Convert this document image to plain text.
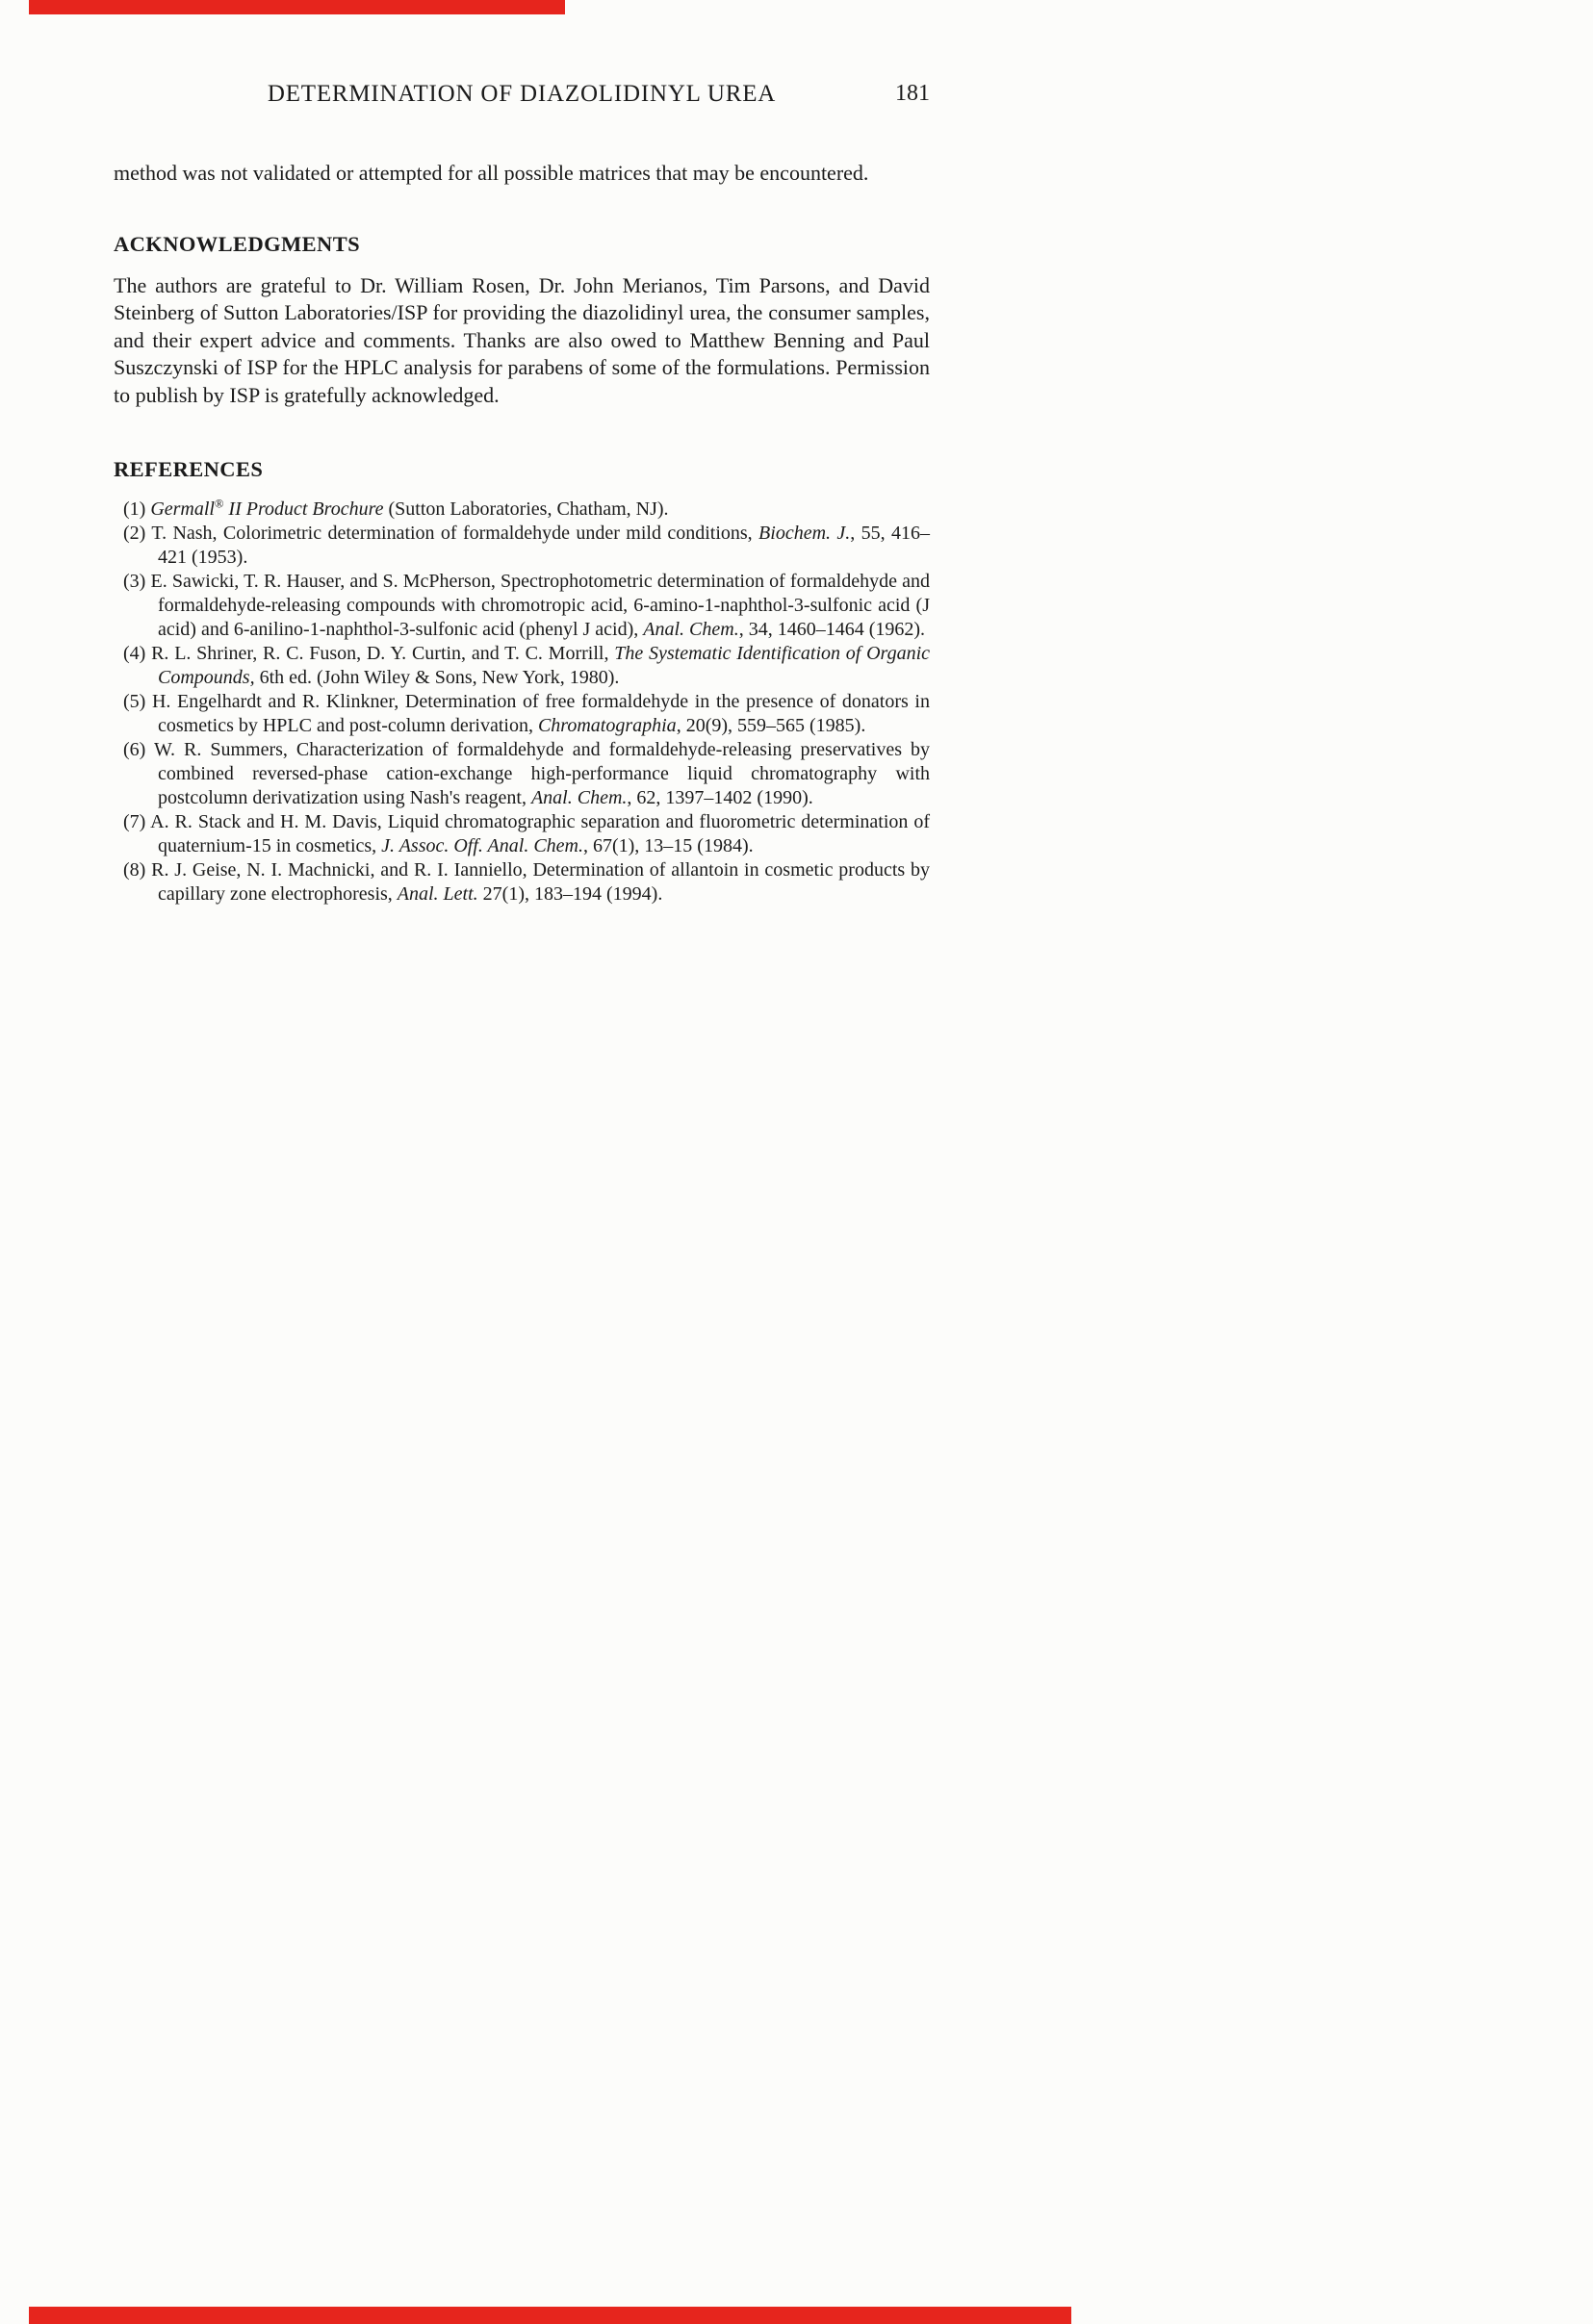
DETERMINATION OF DIAZOLIDINYL UREA	181

method was not validated or attempted for all possible matrices that may be encountered.

ACKNOWLEDGMENTS

The authors are grateful to Dr. William Rosen, Dr. John Merianos, Tim Parsons, and David Steinberg of Sutton Laboratories/ISP for providing the diazolidinyl urea, the consumer samples, and their expert advice and comments. Thanks are also owed to Matthew Benning and Paul Suszczynski of ISP for the HPLC analysis for parabens of some of the formulations. Permission to publish by ISP is gratefully acknowledged.

REFERENCES
(1) Germall® II Product Brochure (Sutton Laboratories, Chatham, NJ).
(2) T. Nash, Colorimetric determination of formaldehyde under mild conditions, Biochem. J., 55, 416–421 (1953).
(3) E. Sawicki, T. R. Hauser, and S. McPherson, Spectrophotometric determination of formaldehyde and formaldehyde-releasing compounds with chromotropic acid, 6-amino-1-naphthol-3-sulfonic acid (J acid) and 6-anilino-1-naphthol-3-sulfonic acid (phenyl J acid), Anal. Chem., 34, 1460–1464 (1962).
(4) R. L. Shriner, R. C. Fuson, D. Y. Curtin, and T. C. Morrill, The Systematic Identification of Organic Compounds, 6th ed. (John Wiley & Sons, New York, 1980).
(5) H. Engelhardt and R. Klinkner, Determination of free formaldehyde in the presence of donators in cosmetics by HPLC and post-column derivation, Chromatographia, 20(9), 559–565 (1985).
(6) W. R. Summers, Characterization of formaldehyde and formaldehyde-releasing preservatives by combined reversed-phase cation-exchange high-performance liquid chromatography with postcolumn derivatization using Nash's reagent, Anal. Chem., 62, 1397–1402 (1990).
(7) A. R. Stack and H. M. Davis, Liquid chromatographic separation and fluorometric determination of quaternium-15 in cosmetics, J. Assoc. Off. Anal. Chem., 67(1), 13–15 (1984).
(8) R. J. Geise, N. I. Machnicki, and R. I. Ianniello, Determination of allantoin in cosmetic products by capillary zone electrophoresis, Anal. Lett. 27(1), 183–194 (1994).
